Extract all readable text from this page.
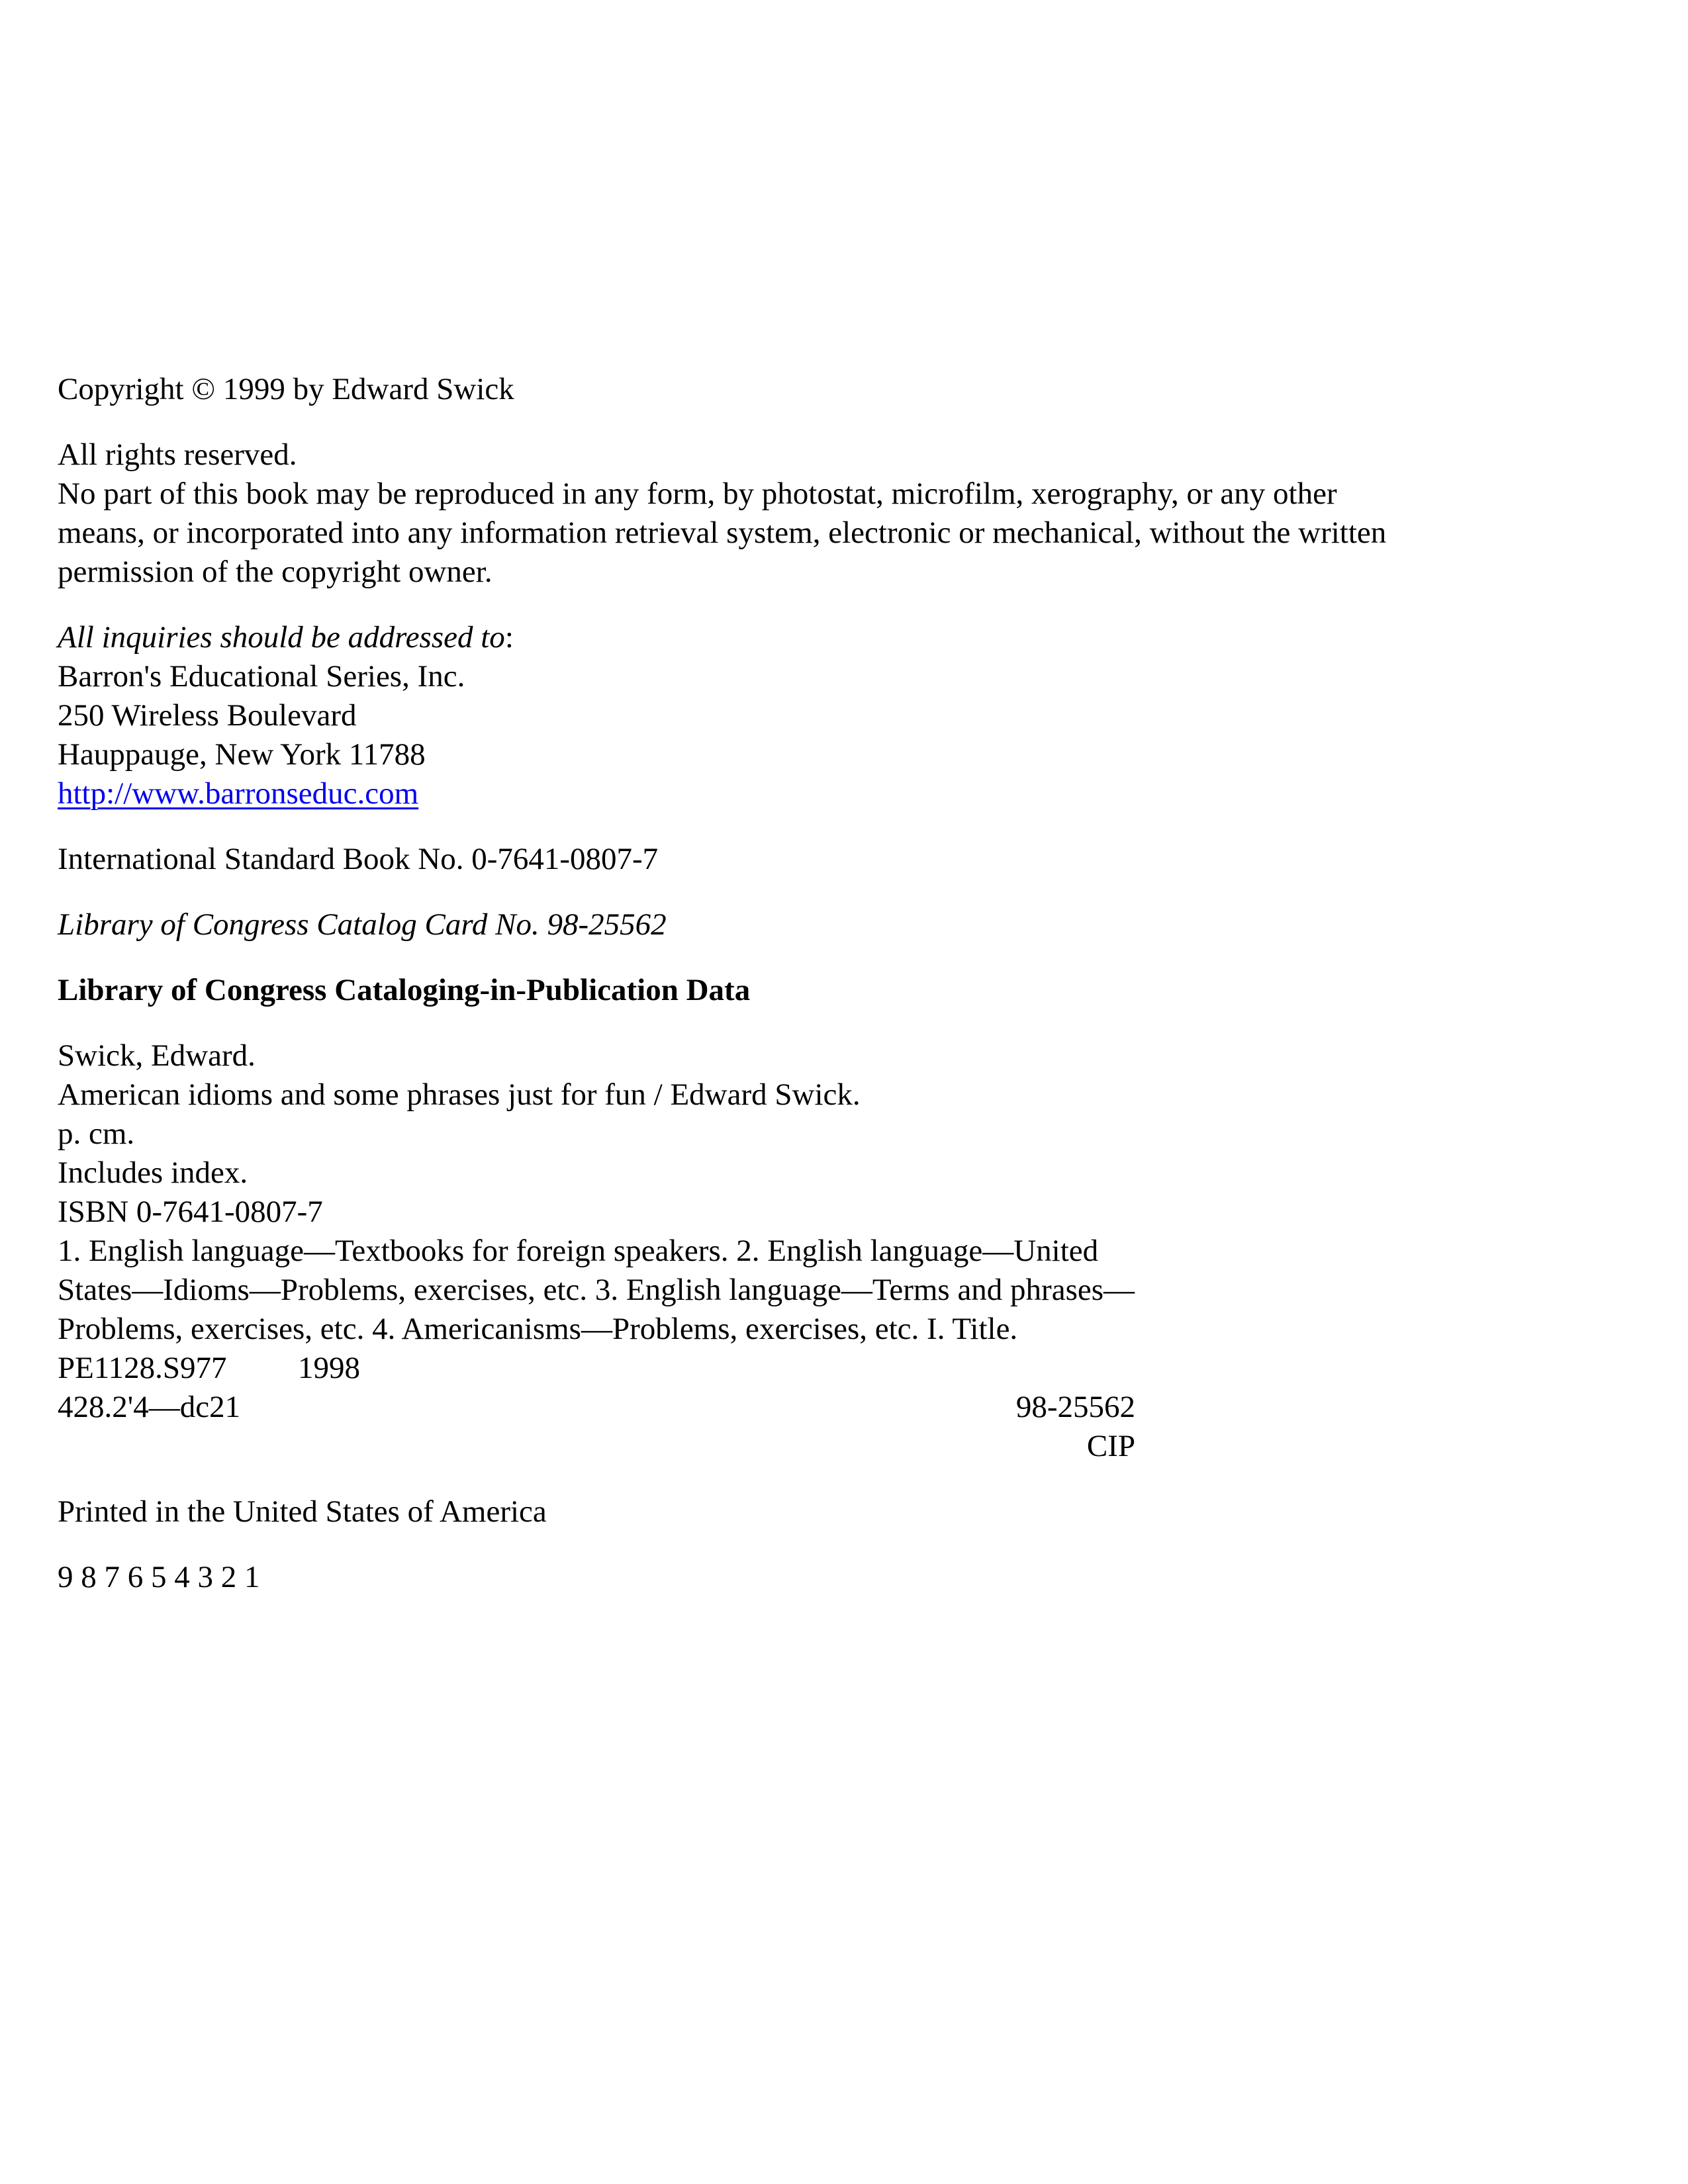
Copyright © 1999 by Edward Swick

All rights reserved.
No part of this book may be reproduced in any form, by photostat, microfilm, xerography, or any other
means, or incorporated into any information retrieval system, electronic or mechanical, without the written
permission of the copyright owner.
All inquiries should be addressed to:
Barron's Educational Series, Inc.
250 Wireless Boulevard
Hauppauge, New York 11788
http://www.barronseduc.com

International Standard Book No. 0-7641-0807-7

Library of Congress Catalog Card No. 98-25562

Library of Congress Cataloging-in-Publication Data

Swick, Edward.
American idioms and some phrases just for fun / Edward Swick.
p. cm.
Includes index.
ISBN 0-7641-0807-7
1. English language—Textbooks for foreign speakers. 2. English language—United
States—Idioms—Problems, exercises, etc. 3. English language—Terms and phrases—
Problems, exercises, etc. 4. Americanisms—Problems, exercises, etc. I. Title.
PE1128.S977 1998
428.2'4—dc21	98-25562
CIP

Printed in the United States of America

9 8 7 6 5 4 3 2 1
